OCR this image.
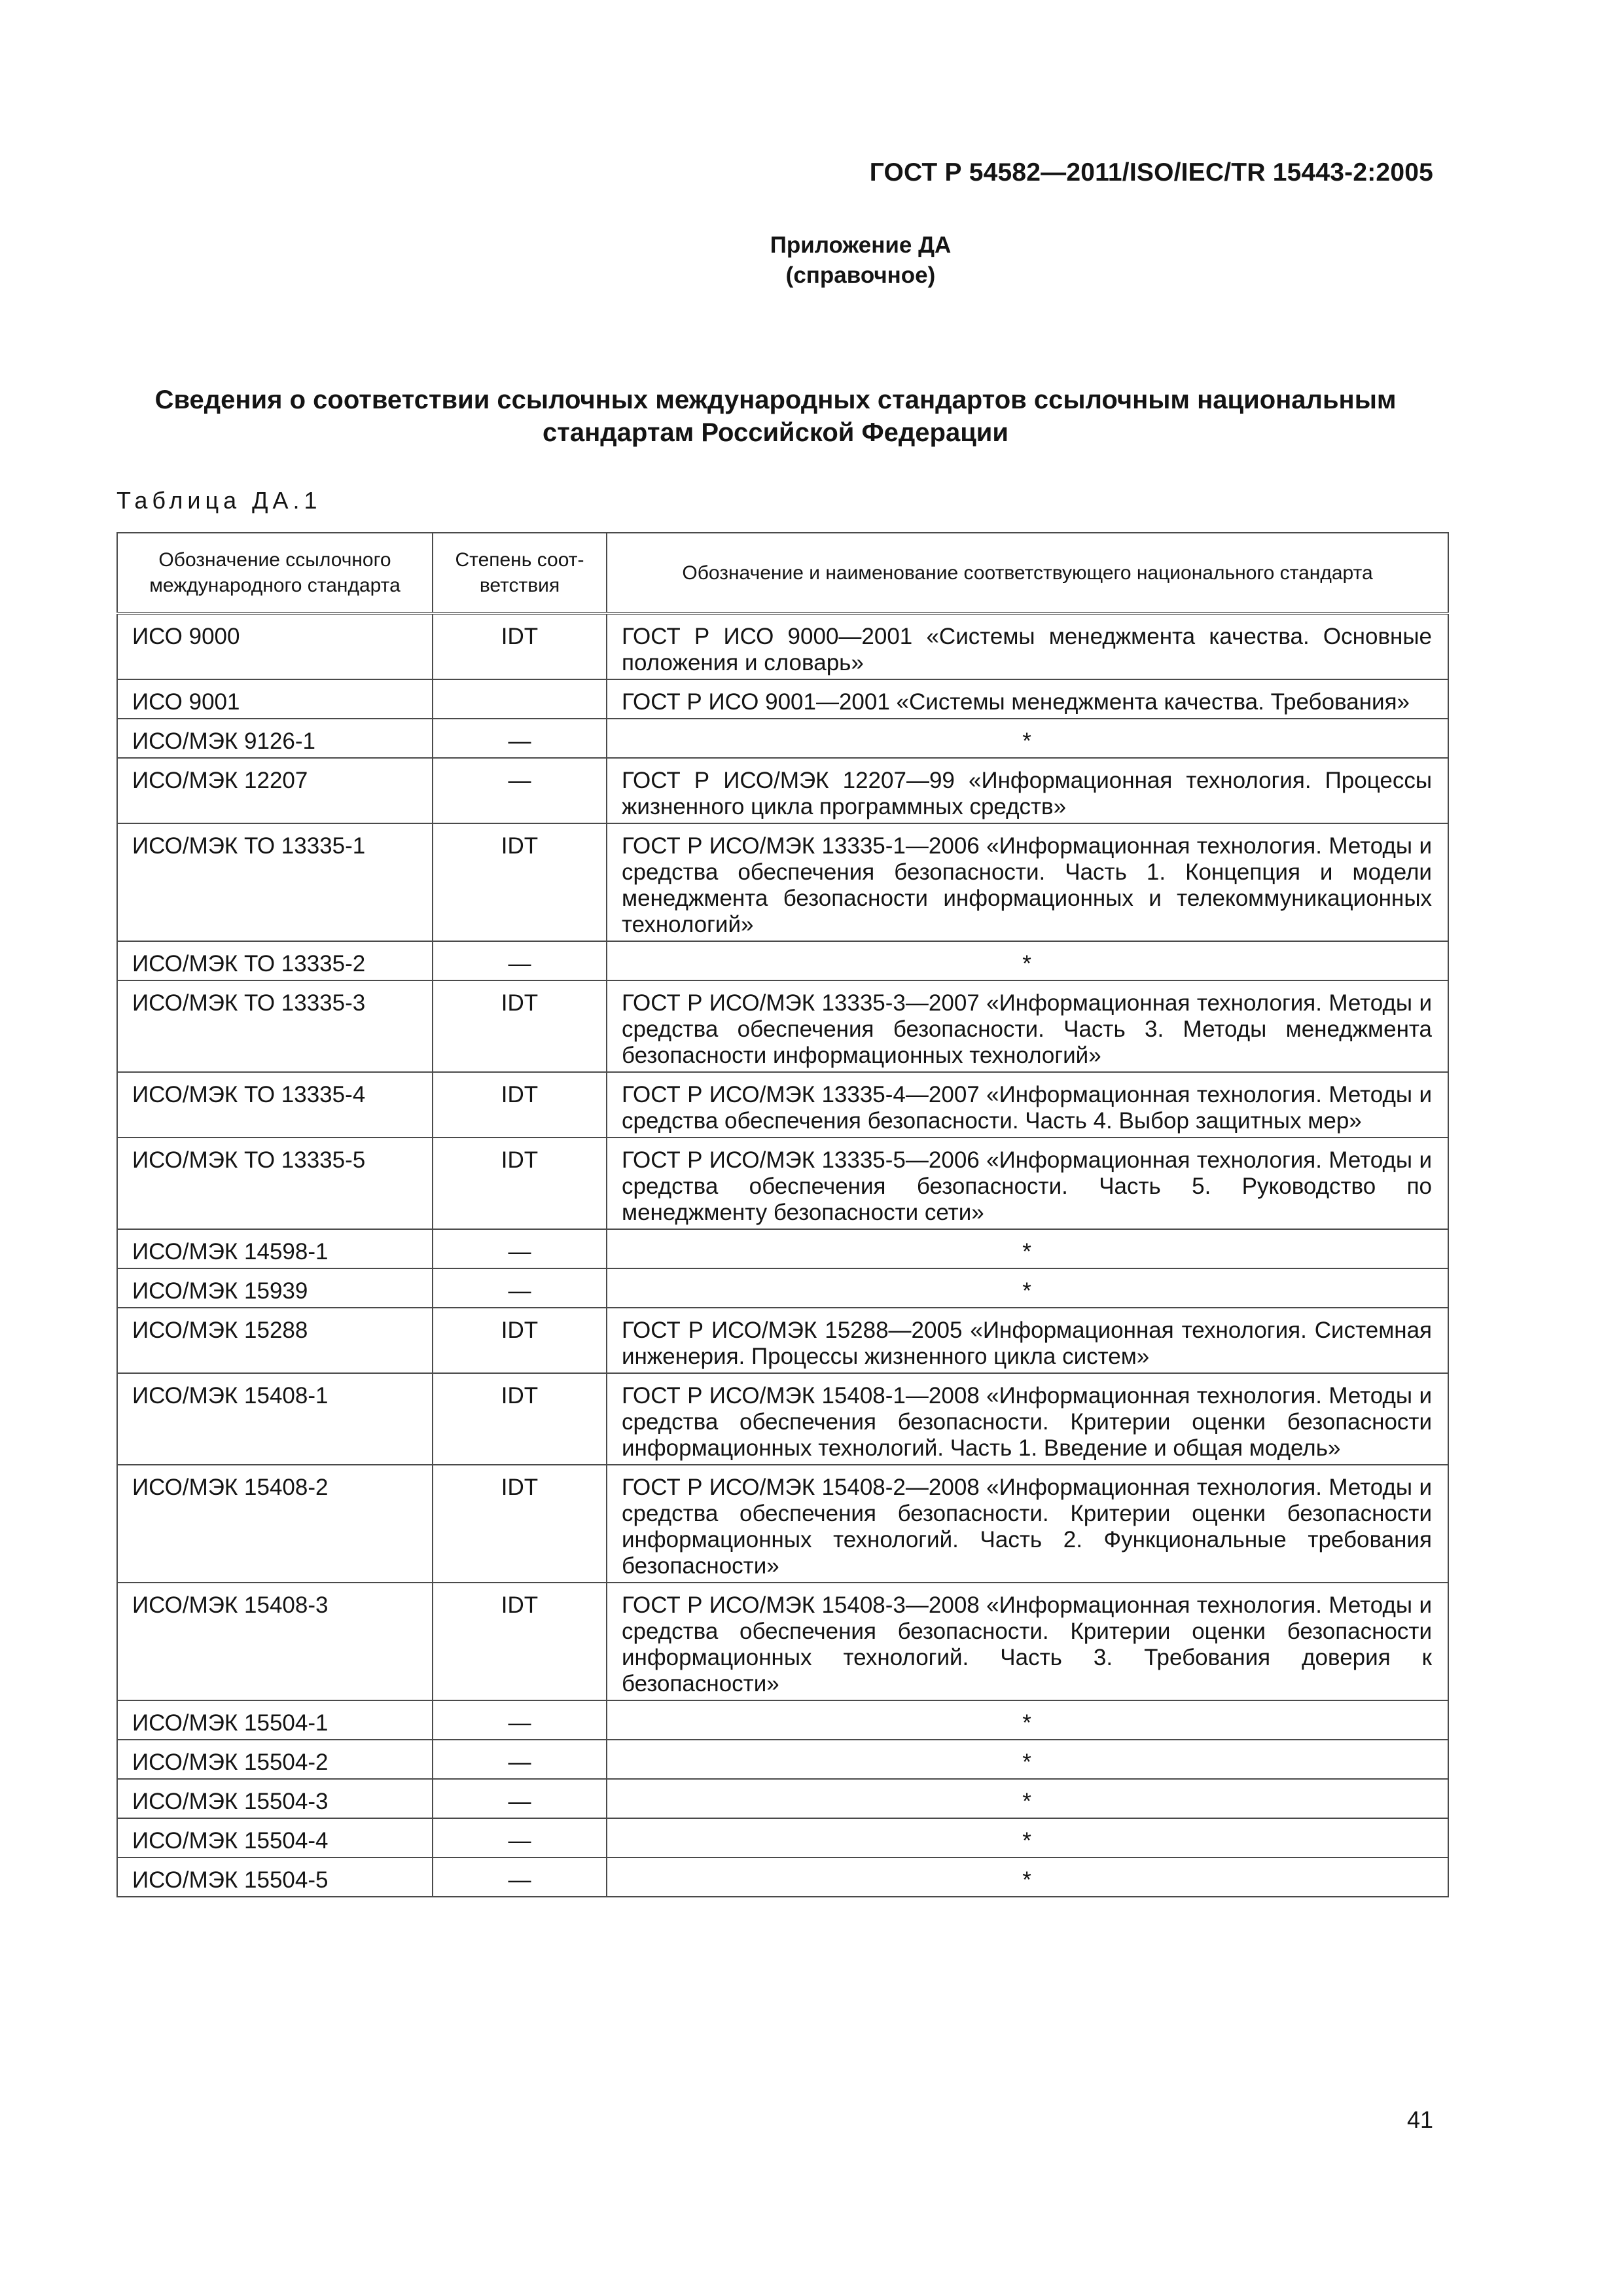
ГОСТ Р 54582—2011/ISO/IEC/TR 15443-2:2005
Приложение ДА
(справочное)
Сведения о соответствии ссылочных международных стандартов ссылочным национальным
стандартам Российской Федерации
Таблица ДА.1
Обозначение ссылочного международного стандарта	Степень соот-ветствия	Обозначение и наименование соответствующего национального стандарта
ИСО 9000	IDT	ГОСТ Р ИСО 9000—2001 «Системы менеджмента качества. Основные положения и словарь»
ИСО 9001		ГОСТ Р ИСО 9001—2001 «Системы менеджмента качества. Требования»
ИСО/МЭК 9126-1	—	*
ИСО/МЭК 12207	—	ГОСТ Р ИСО/МЭК 12207—99 «Информационная технология. Процессы жизненного цикла программных средств»
ИСО/МЭК ТО 13335-1	IDT	ГОСТ Р ИСО/МЭК 13335-1—2006 «Информационная технология. Методы и средства обеспечения безопасности. Часть 1. Концепция и модели менеджмента безопасности информационных и телекоммуникационных технологий»
ИСО/МЭК ТО 13335-2	—	*
ИСО/МЭК ТО 13335-3	IDT	ГОСТ Р ИСО/МЭК 13335-3—2007 «Информационная технология. Методы и средства обеспечения безопасности. Часть 3. Методы менеджмента безопасности информационных технологий»
ИСО/МЭК ТО 13335-4	IDT	ГОСТ Р ИСО/МЭК 13335-4—2007 «Информационная технология. Методы и средства обеспечения безопасности. Часть 4. Выбор защитных мер»
ИСО/МЭК ТО 13335-5	IDT	ГОСТ Р ИСО/МЭК 13335-5—2006 «Информационная технология. Методы и средства обеспечения безопасности. Часть 5. Руководство по менеджменту безопасности сети»
ИСО/МЭК 14598-1	—	*
ИСО/МЭК 15939	—	*
ИСО/МЭК 15288	IDT	ГОСТ Р ИСО/МЭК 15288—2005 «Информационная технология. Системная инженерия. Процессы жизненного цикла систем»
ИСО/МЭК 15408-1	IDT	ГОСТ Р ИСО/МЭК 15408-1—2008 «Информационная технология. Методы и средства обеспечения безопасности. Критерии оценки безопасности информационных технологий. Часть 1. Введение и общая модель»
ИСО/МЭК 15408-2	IDT	ГОСТ Р ИСО/МЭК 15408-2—2008 «Информационная технология. Методы и средства обеспечения безопасности. Критерии оценки безопасности информационных технологий. Часть 2. Функциональные требования безопасности»
ИСО/МЭК 15408-3	IDT	ГОСТ Р ИСО/МЭК 15408-3—2008 «Информационная технология. Методы и средства обеспечения безопасности. Критерии оценки безопасности информационных технологий. Часть 3. Требования доверия к безопасности»
ИСО/МЭК 15504-1	—	*
ИСО/МЭК 15504-2	—	*
ИСО/МЭК 15504-3	—	*
ИСО/МЭК 15504-4	—	*
ИСО/МЭК 15504-5	—	*
41
